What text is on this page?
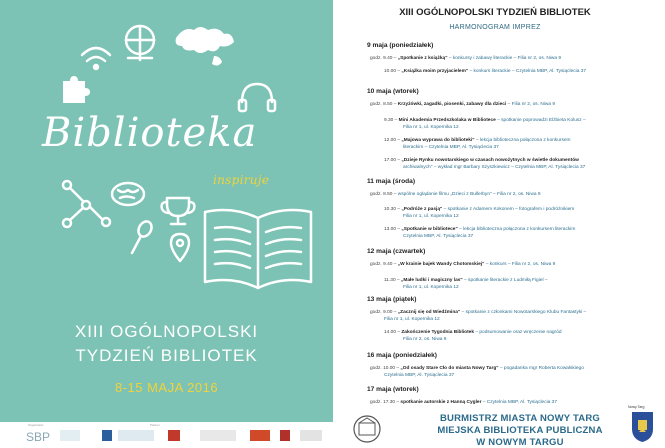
Biblioteka
inspiruje
XIII OGÓLNOPOLSKI
TYDZIEŃ BIBLIOTEK
8-15 MAJA 2016
Organizator	Partner
SBP
XIII OGÓLNOPOLSKI TYDZIEŃ BIBLIOTEK
HARMONOGRAM IMPREZ
9 maja (poniedziałek)
godz. 9.40 – „Spotkanie z książką" – konkursy i zabawy literackie – Filia nr 2, os. Niwa 9
10.00 – „Książka moim przyjacielem" – konkurs literackie – Czytelnia MBP, Al. Tysiąclecia 37
10 maja (wtorek)
godz. 8.50 – Krzyżówki, zagadki, piosenki, zabawy dla dzieci – Filia nr 2, os. Niwa 9
9.30 – Mini Akademia Przedszkolaka w Bibliotece – spotkanie poprowadzi Elżbieta Kolusz –
Filia nr 1, ul. Kopernika 12
12.00 – „Majowa wyprawa do biblioteki" – lekcja biblioteczna połączona z konkursem
literackim – Czytelnia MBP, Al. Tysiąclecia 37
17.00 – „Dzieje Rynku nowotarskiego w czasach nowożytnych w świetle dokumentów
archiwalnych" – wykład mgr Barbary Szyszkiewicz – Czytelnia MBP, Al. Tysiąclecia 37
11 maja (środa)
godz. 8.50 – wspólne oglądanie filmu „Dzieci z Bullerbyn" – Filia nr 2, os. Niwa 9
10.30 – „Podróże z pasją" – spotkanie z Adamem Kokonem – fotografem i podróżnikiem
Filia nr 1, ul. Kopernika 12
13.00 – „Spotkanie w bibliotece" – lekcja biblioteczna połączona z konkursem literackim
Czytelnia MBP, Al. Tysiąclecia 37
12 maja (czwartek)
godz. 9.40 – „W krainie bajek Wandy Chotomskiej" – konkurs – Filia nr 2, os. Niwa 9
11.30 – „Małe ludki i magiczny las" – spotkanie literackie z Ludmiłą Figiel –
Filia nr 1, ul. Kopernika 12
13 maja (piątek)
godz. 9.00 – „Zacznij się od Wiedźmina" – spotkanie z członkami Nowotarskiego Klubu Fantastyki –
Filia nr 1, ul. Kopernika 12
14.00 – Zakończenie Tygodnia Bibliotek – podsumowanie oraz wręczenie nagród
Filia nr 2, os. Niwa 9
16 maja (poniedziałek)
godz. 10.00 – „Od osady Stare Cło do miasta Nowy Targ" – pogadanka mgr Roberta Kowalskiego
Czytelnia MBP, Al. Tysiąclecia 37
17 maja (wtorek)
godz. 17.30 – spotkanie autorskie z Hanną Cygler – Czytelnia MBP, Al. Tysiąclecia 37
BURMISTRZ MIASTA NOWY TARG
MIEJSKA BIBLIOTEKA PUBLICZNA
W NOWYM TARGU
Nowy Targ
